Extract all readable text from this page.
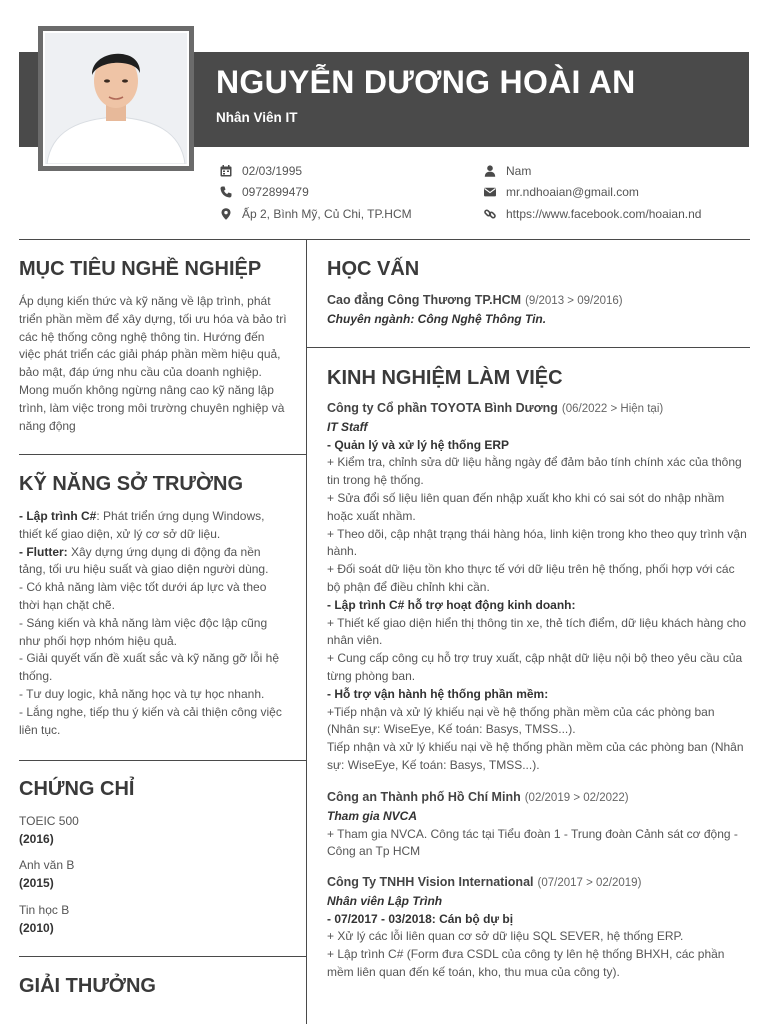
NGUYỄN DƯƠNG HOÀI AN
Nhân Viên IT
02/03/1995
0972899479
Ấp 2, Bình Mỹ, Củ Chi, TP.HCM
Nam
mr.ndhoaian@gmail.com
https://www.facebook.com/hoaian.nd
MỤC TIÊU NGHỀ NGHIỆP
Áp dụng kiến thức và kỹ năng về lập trình, phát triển phần mềm để xây dựng, tối ưu hóa và bảo trì các hệ thống công nghệ thông tin. Hướng đến việc phát triển các giải pháp phần mềm hiệu quả, bảo mật, đáp ứng nhu cầu của doanh nghiệp. Mong muốn không ngừng nâng cao kỹ năng lập trình, làm việc trong môi trường chuyên nghiệp và năng động
KỸ NĂNG SỞ TRƯỜNG
- Lập trình C#: Phát triển ứng dụng Windows, thiết kế giao diện, xử lý cơ sở dữ liệu.
- Flutter: Xây dựng ứng dụng di động đa nền tảng, tối ưu hiệu suất và giao diện người dùng.
- Có khả năng làm việc tốt dưới áp lực và theo thời hạn chặt chẽ.
- Sáng kiến và khả năng làm việc độc lập cũng như phối hợp nhóm hiệu quả.
- Giải quyết vấn đề xuất sắc và kỹ năng gỡ lỗi hệ thống.
- Tư duy logic, khả năng học và tự học nhanh.
- Lắng nghe, tiếp thu ý kiến và cải thiện công việc liên tục.
CHỨNG CHỈ
TOEIC 500
(2016)
Anh văn B
(2015)
Tin học B
(2010)
GIẢI THƯỞNG
HỌC VẤN
Cao đẳng Công Thương TP.HCM (9/2013 > 09/2016)
Chuyên ngành: Công Nghệ Thông Tin.
KINH NGHIỆM LÀM VIỆC
Công ty Cổ phần TOYOTA Bình Dương (06/2022 > Hiện tại)
IT Staff
- Quản lý và xử lý hệ thống ERP
+ Kiểm tra, chỉnh sửa dữ liệu hằng ngày để đảm bảo tính chính xác của thông tin trong hệ thống.
+ Sửa đổi số liệu liên quan đến nhập xuất kho khi có sai sót do nhập nhầm hoặc xuất nhầm.
+ Theo dõi, cập nhật trạng thái hàng hóa, linh kiện trong kho theo quy trình vận hành.
+ Đối soát dữ liệu tồn kho thực tế với dữ liệu trên hệ thống, phối hợp với các bộ phận để điều chỉnh khi cần.
- Lập trình C# hỗ trợ hoạt động kinh doanh:
+ Thiết kế giao diện hiển thị thông tin xe, thẻ tích điểm, dữ liệu khách hàng cho nhân viên.
+ Cung cấp công cụ hỗ trợ truy xuất, cập nhật dữ liệu nội bộ theo yêu cầu của từng phòng ban.
- Hỗ trợ vận hành hệ thống phần mềm:
+Tiếp nhận và xử lý khiếu nại về hệ thống phần mềm của các phòng ban (Nhân sự: WiseEye, Kế toán: Basys, TMSS...).
Tiếp nhận và xử lý khiếu nại về hệ thống phần mềm của các phòng ban (Nhân sự: WiseEye, Kế toán: Basys, TMSS...).
Công an Thành phố Hồ Chí Minh (02/2019 > 02/2022)
Tham gia NVCA
+ Tham gia NVCA. Công tác tại Tiểu đoàn 1 - Trung đoàn Cảnh sát cơ động - Công an Tp HCM
Công Ty TNHH Vision International (07/2017 > 02/2019)
Nhân viên Lập Trình
- 07/2017 - 03/2018: Cán bộ dự bị
+ Xử lý các lỗi liên quan cơ sở dữ liệu SQL SEVER, hệ thống ERP.
+ Lập trình C# (Form đưa CSDL của công ty lên hệ thống BHXH, các phần mềm liên quan đến kế toán, kho, thu mua của công ty).
